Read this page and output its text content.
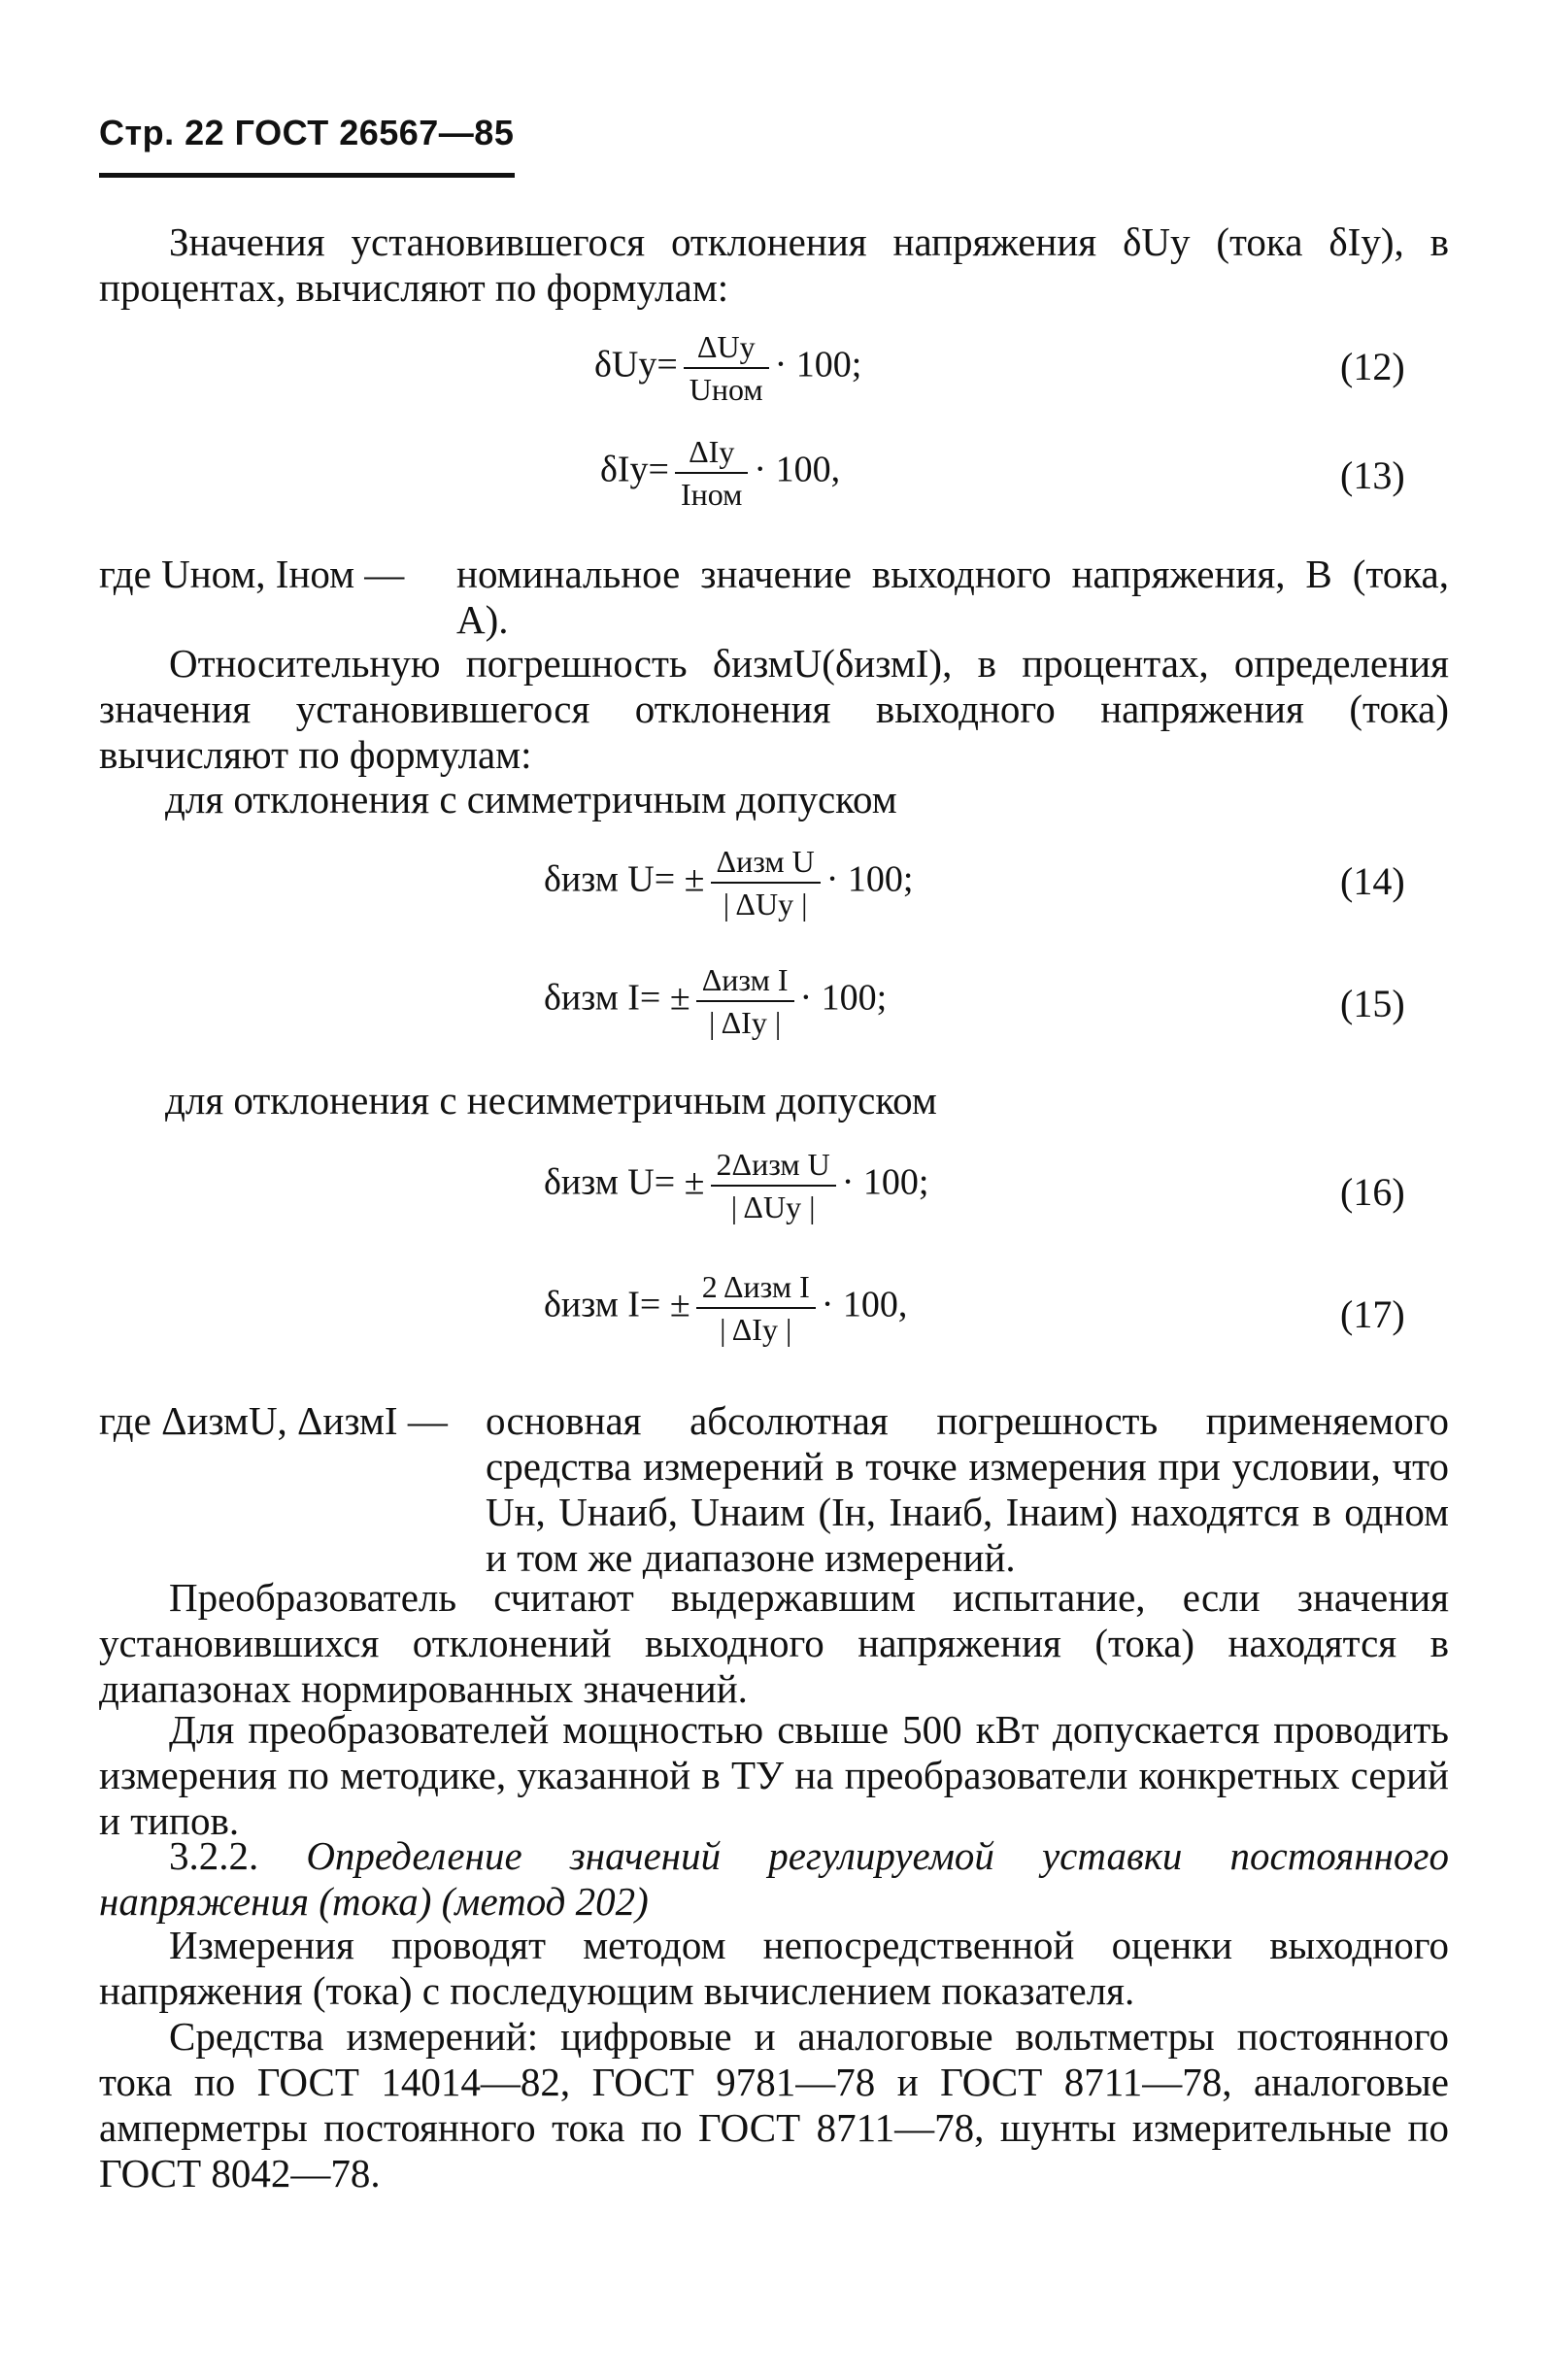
Стр. 22 ГОСТ 26567—85
Значения установившегося отклонения напряжения δUу (тока δIу), в процентах, вычисляют по формулам:
$\delta Uу= \frac{\text{ΔUу}}{\text{Uном}} \cdot 100$;	(12)
$\delta Iу= \frac{\text{ΔIу}}{\text{Iном}} \cdot 100$,	(13)
где Uном, Iном — номинальное значение выходного напряжения, В (тока, А).
Относительную погрешность δизмU(δизмI), в процентах, определения значения установившегося отклонения выходного напряжения (тока) вычисляют по формулам:
для отклонения с симметричным допуском
δизм $U= \pm \frac{\text{Δизм U}}{\text{| ΔUу |}} \cdot 100$;	(14)
δизм $I= \pm \frac{\text{Δизм I}}{\text{| ΔIу |}} \cdot 100$;	(15)
для отклонения с несимметричным допуском
δизм $U= \pm \frac{\text{2Δизм U}}{\text{| ΔUу |}} \cdot 100$;	(16)
δизм $I= \pm \frac{\text{2 Δизм I}}{\text{| ΔIу |}} \cdot 100$,	(17)
где ΔизмU, ΔизмI — основная абсолютная погрешность применяемого средства измерений в точке измерения при условии, что Uн, Uнаиб, Uнаим (Iн, Iнаиб, Iнаим) находятся в одном и том же диапазоне измерений.
Преобразователь считают выдержавшим испытание, если значения установившихся отклонений выходного напряжения (тока) находятся в диапазонах нормированных значений.
Для преобразователей мощностью свыше 500 кВт допускается проводить измерения по методике, указанной в ТУ на преобразователи конкретных серий и типов.
3.2.2. Определение значений регулируемой уставки постоянного напряжения (тока) (метод 202)
Измерения проводят методом непосредственной оценки выходного напряжения (тока) с последующим вычислением показателя.
Средства измерений: цифровые и аналоговые вольтметры постоянного тока по ГОСТ 14014—82, ГОСТ 9781—78 и ГОСТ 8711—78, аналоговые амперметры постоянного тока по ГОСТ 8711—78, шунты измерительные по ГОСТ 8042—78.
